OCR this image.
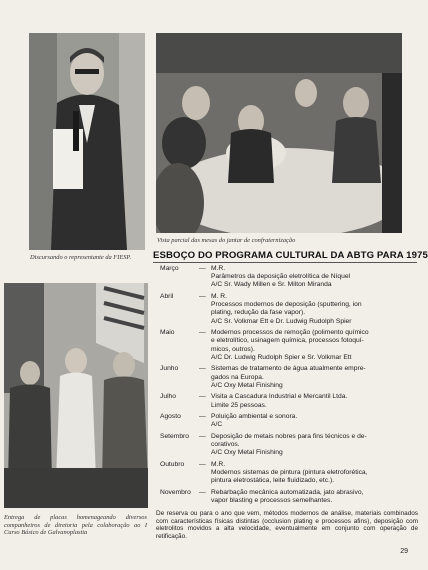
Discursando o representante da FIESP.
Vista parcial das mesas do jantar de confraternização
Entrega de placas homenageando diversos companheiros de diretoria pela colaboração ao I Curso Básico de Galvanoplastia
ESBOÇO DO PROGRAMA CULTURAL DA ABTG PARA 1975
Março	— M.R.
Parâmetros da deposição eletrolítica de Níquel
A/C Sr. Wady Millen e Sr. Milton Miranda
Abril	— M. R.
Processos modernos de deposição (sputtering, ion
plating, redução da fase vapor).
A/C Sr. Volkmar Ett e Dr. Ludwig Rudolph Spier
Maio	— Modernos processos de remoção (polimento químico
e eletrolítico, usinagem química, processos fotoquí-
micos, outros).
A/C Dr. Ludwig Rudolph Spier e Sr. Volkmar Ett
Junho	— Sistemas de tratamento de água atualmente empre-
gados na Europa.
A/C Oxy Metal Finishing
Julho	— Visita a Cascadura Industrial e Mercantil Ltda.
Limite 25 pessoas.
Agosto	— Poluição ambiental e sonora.
A/C
Setembro	— Deposição de metais nobres para fins técnicos e de-
corativos.
A/C Oxy Metal Finishing
Outubro	— M.R.
Modernos sistemas de pintura (pintura eletroforética,
pintura eletrostática, leite fluidizado, etc.).
Novembro	— Rebarbação mecânica automatizada, jato abrasivo,
vapor blasting e processos semelhantes.
De reserva ou para o ano que vem, métodos modernos de análise, materiais combinados com características físicas distintas (occlusion plating e processos afins), deposição com eletrolitos movidos a alta velocidade, eventualmente em conjunto com operação de retificação.
29
